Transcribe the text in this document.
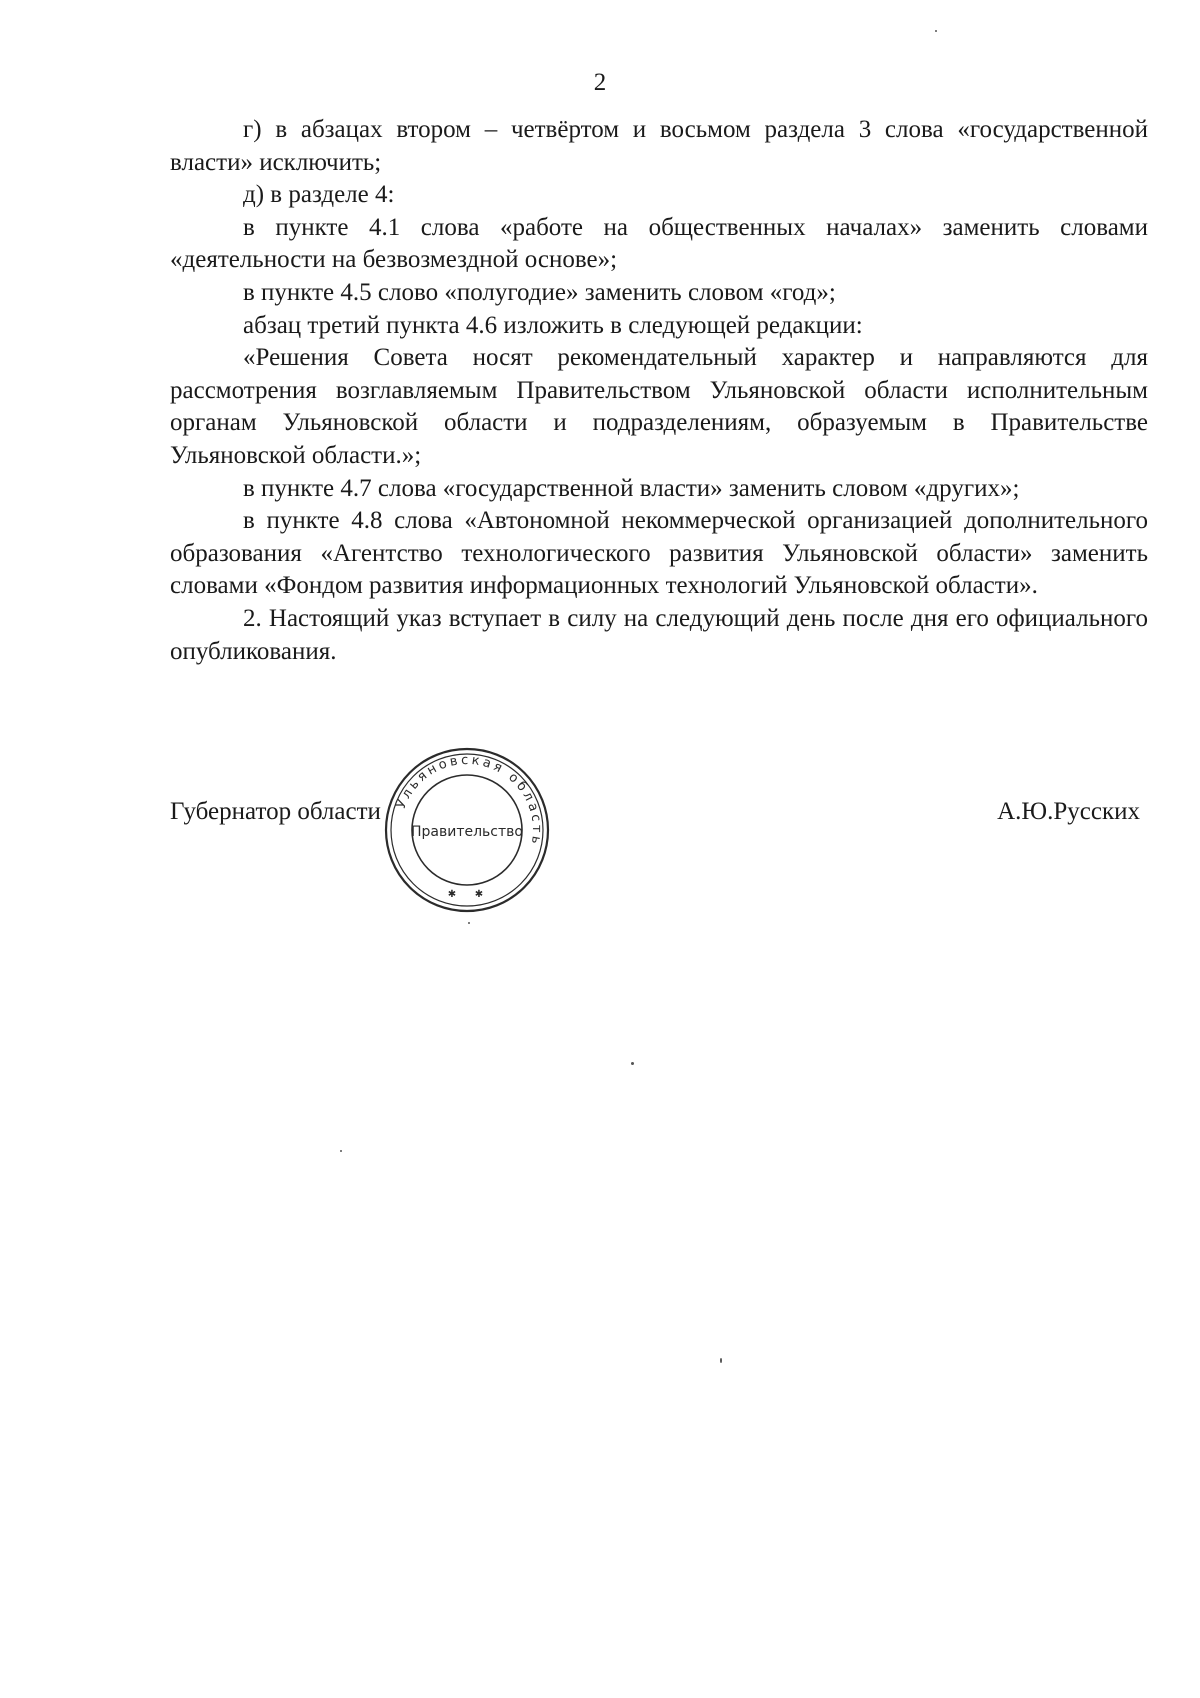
2

г) в абзацах втором – четвёртом и восьмом раздела 3 слова «государственной власти» исключить;

д) в разделе 4:

в пункте 4.1 слова «работе на общественных началах» заменить словами «деятельности на безвозмездной основе»;

в пункте 4.5 слово «полугодие» заменить словом «год»;

абзац третий пункта 4.6 изложить в следующей редакции:

«Решения Совета носят рекомендательный характер и направляются для рассмотрения возглавляемым Правительством Ульяновской области исполнительным органам Ульяновской области и подразделениям, образуемым в Правительстве Ульяновской области.»;

в пункте 4.7 слова «государственной власти» заменить словом «других»;

в пункте 4.8 слова «Автономной некоммерческой организацией дополнительного образования «Агентство технологического развития Ульяновской области» заменить словами «Фондом развития информационных технологий Ульяновской области».

2. Настоящий указ вступает в силу на следующий день после дня его официального опубликования.

Губернатор области	А.Ю.Русских
Ульяновская область
Правительство
✱ ✱
